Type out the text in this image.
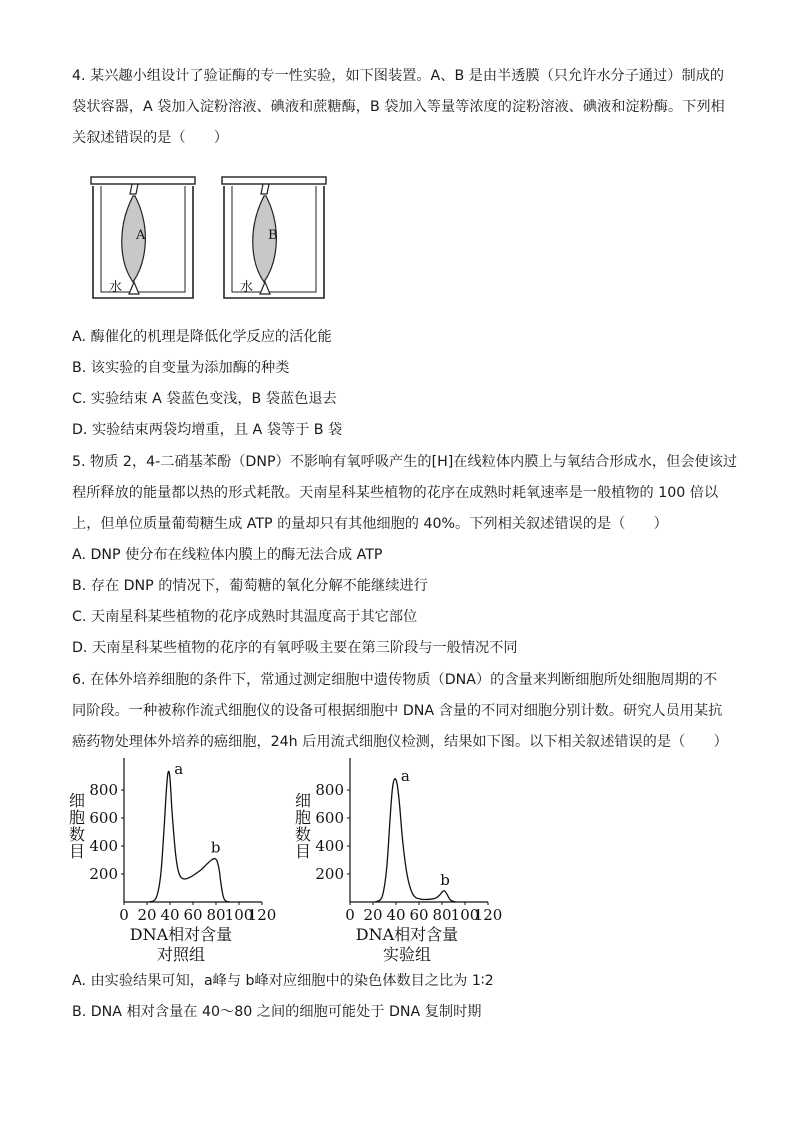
4. 某兴趣小组设计了验证酶的专一性实验，如下图装置。A、B 是由半透膜（只允许水分子通过）制成的
袋状容器，A 袋加入淀粉溶液、碘液和蔗糖酶，B 袋加入等量等浓度的淀粉溶液、碘液和淀粉酶。下列相
关叙述错误的是（　　）
A
水
B
水
A. 酶催化的机理是降低化学反应的活化能
B. 该实验的自变量为添加酶的种类
C. 实验结束 A 袋蓝色变浅，B 袋蓝色退去
D. 实验结束两袋均增重，且 A 袋等于 B 袋
5. 物质 2，4-二硝基苯酚（DNP）不影响有氧呼吸产生的[H]在线粒体内膜上与氧结合形成水，但会使该过
程所释放的能量都以热的形式耗散。天南星科某些植物的花序在成熟时耗氧速率是一般植物的 100 倍以
上，但单位质量葡萄糖生成 ATP 的量却只有其他细胞的 40%。下列相关叙述错误的是（　　）
A. DNP 使分布在线粒体内膜上的酶无法合成 ATP
B. 存在 DNP 的情况下，葡萄糖的氧化分解不能继续进行
C. 天南星科某些植物的花序成熟时其温度高于其它部位
D. 天南星科某些植物的花序的有氧呼吸主要在第三阶段与一般情况不同
6. 在体外培养细胞的条件下，常通过测定细胞中遗传物质（DNA）的含量来判断细胞所处细胞周期的不
同阶段。一种被称作流式细胞仪的设备可根据细胞中 DNA 含量的不同对细胞分别计数。研究人员用某抗
癌药物处理体外培养的癌细胞，24h 后用流式细胞仪检测，结果如下图。以下相关叙述错误的是（　　）
0 20 40 60 80 100
120
200
400
600
800
细胞数目
DNA相对含量
对照组
a
b
0 20 40 60 80 100
120
200
400
600
800
细胞数目
DNA相对含量
实验组
a
b
A. 由实验结果可知，a峰与 b峰对应细胞中的染色体数目之比为 1∶2
B. DNA 相对含量在 40～80 之间的细胞可能处于 DNA 复制时期
